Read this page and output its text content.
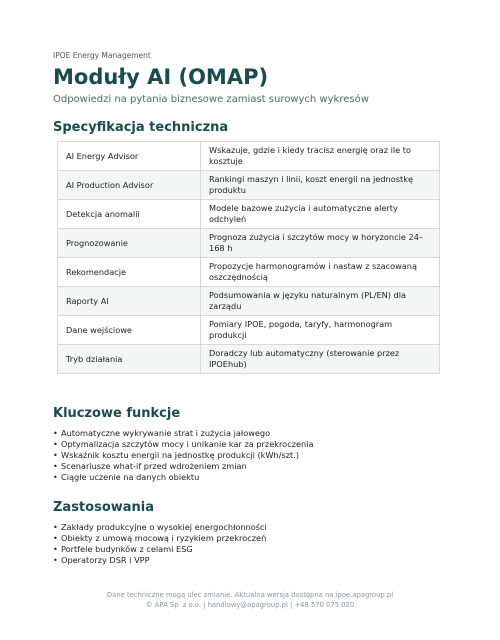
IPOE Energy Management
Moduły AI (OMAP)
Odpowiedzi na pytania biznesowe zamiast surowych wykresów
Specyfikacja techniczna
AI Energy Advisor	Wskazuje, gdzie i kiedy tracisz energię oraz ile to kosztuje
AI Production Advisor	Rankingi maszyn i linii, koszt energii na jednostkę produktu
Detekcja anomalii	Modele bazowe zużycia i automatyczne alerty odchyleń
Prognozowanie	Prognoza zużycia i szczytów mocy w horyzoncie 24–168 h
Rekomendacje	Propozycje harmonogramów i nastaw z szacowaną oszczędnością
Raporty AI	Podsumowania w języku naturalnym (PL/EN) dla zarządu
Dane wejściowe	Pomiary IPOE, pogoda, taryfy, harmonogram produkcji
Tryb działania	Doradczy lub automatyczny (sterowanie przez IPOEhub)
Kluczowe funkcje
• Automatyczne wykrywanie strat i zużycia jałowego
• Optymalizacja szczytów mocy i unikanie kar za przekroczenia
• Wskaźnik kosztu energii na jednostkę produkcji (kWh/szt.)
• Scenariusze what-if przed wdrożeniem zmian
• Ciągłe uczenie na danych obiektu
Zastosowania
• Zakłady produkcyjne o wysokiej energochłonności
• Obiekty z umową mocową i ryzykiem przekroczeń
• Portfele budynków z celami ESG
• Operatorzy DSR i VPP
Dane techniczne mogą ulec zmianie. Aktualna wersja dostępna na ipoe.apagroup.pl
© APA Sp. z o.o. | handlowy@apagroup.pl | +48 570 075 020
